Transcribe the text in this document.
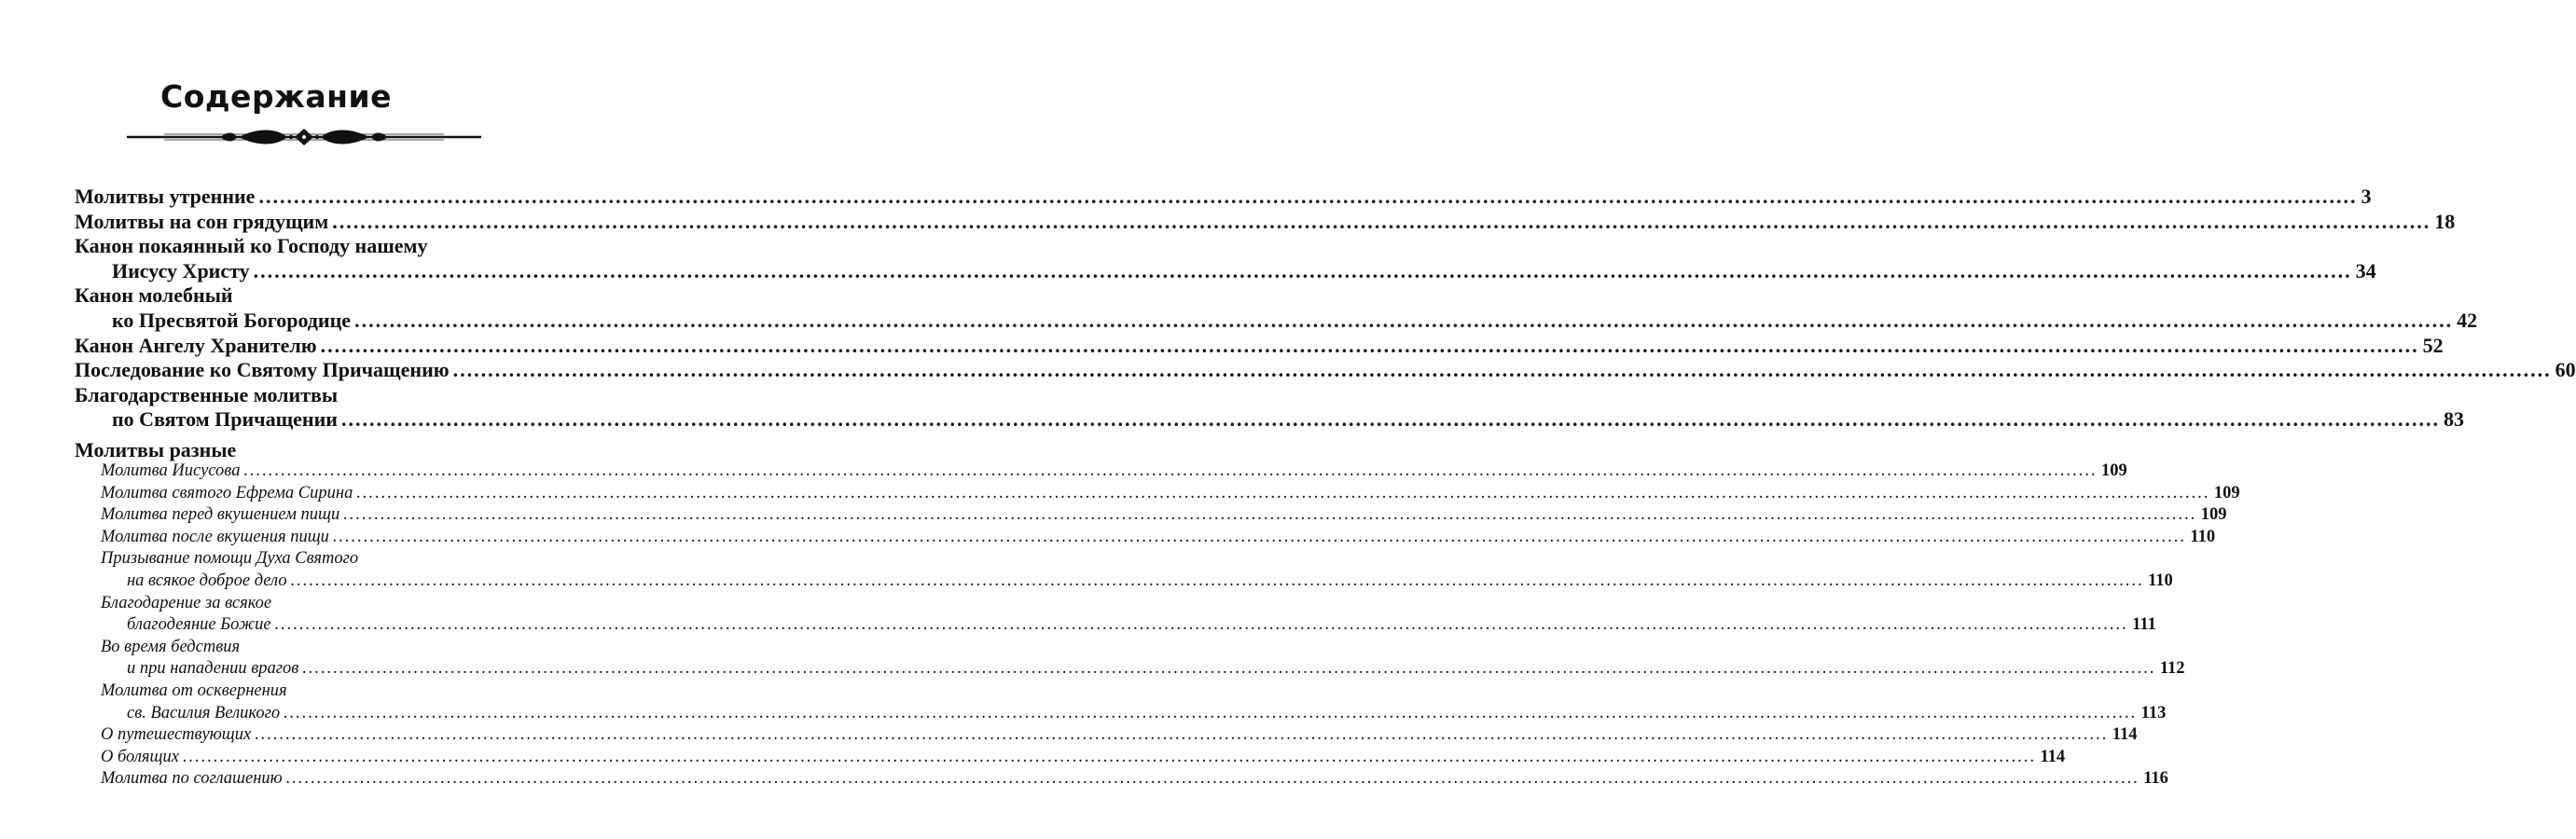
Содержание
Молитвы утренние ............................................................................................................................................................................................................................................................................................................ 3
Молитвы на сон грядущим ............................................................................................................................................................................................................................................................................................................ 18
Канон покаянный ко Господу нашему
Иисусу Христу ............................................................................................................................................................................................................................................................................................................ 34
Канон молебный
ко Пресвятой Богородице ............................................................................................................................................................................................................................................................................................................ 42
Канон Ангелу Хранителю ............................................................................................................................................................................................................................................................................................................ 52
Последование ко Святому Причащению ............................................................................................................................................................................................................................................................................................................ 60
Благодарственные молитвы
по Святом Причащении ............................................................................................................................................................................................................................................................................................................ 83
Молитвы разные
Молитва Иисусова ............................................................................................................................................................................................................................................................................................................ 109
Молитва святого Ефрема Сирина ............................................................................................................................................................................................................................................................................................................ 109
Молитва перед вкушением пищи ............................................................................................................................................................................................................................................................................................................ 109
Молитва после вкушения пищи ............................................................................................................................................................................................................................................................................................................ 110
Призывание помощи Духа Святого
на всякое доброе дело ............................................................................................................................................................................................................................................................................................................ 110
Благодарение за всякое
благодеяние Божие ............................................................................................................................................................................................................................................................................................................ 111
Во время бедствия
и при нападении врагов ............................................................................................................................................................................................................................................................................................................ 112
Молитва от осквернения
св. Василия Великого ............................................................................................................................................................................................................................................................................................................ 113
О путешествующих ............................................................................................................................................................................................................................................................................................................ 114
О болящих ............................................................................................................................................................................................................................................................................................................ 114
Молитва по соглашению ............................................................................................................................................................................................................................................................................................................ 116
